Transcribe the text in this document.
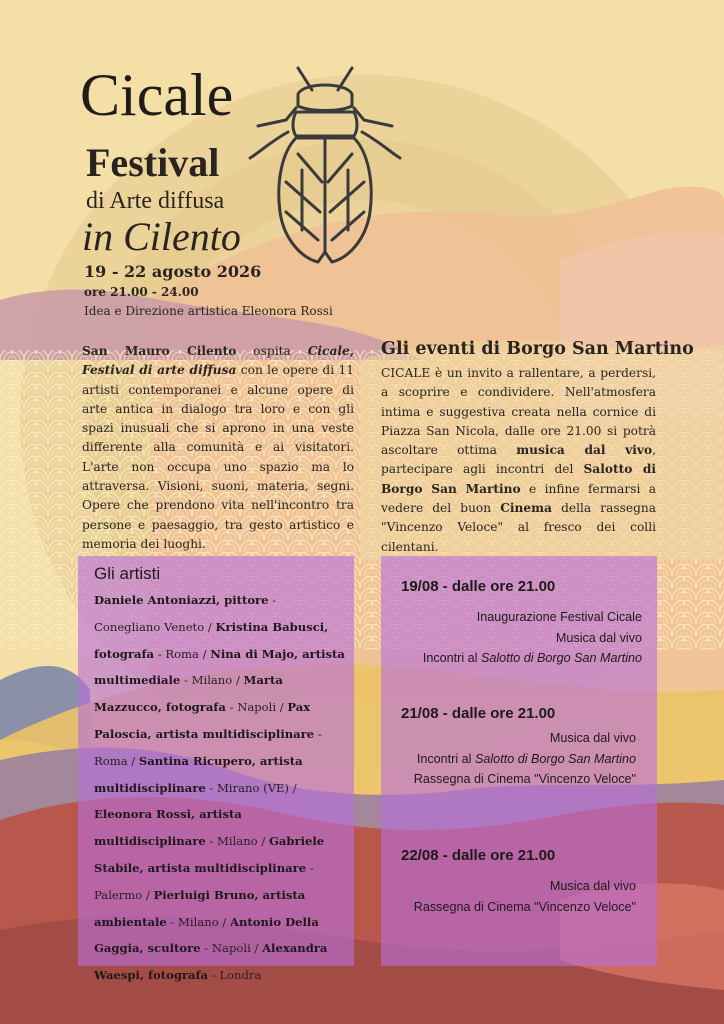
Cicale
Festival
di Arte diffusa
in Cilento
19 - 22 agosto 2026
ore 21.00 - 24.00
Idea e Direzione artistica Eleonora Rossi
San Mauro Cilento ospita Cicale, Festival di arte diffusa con le opere di 11 artisti contemporanei e alcune opere di arte antica in dialogo tra loro e con gli spazi inusuali che si aprono in una veste differente alla comunità e ai visitatori. L'arte non occupa uno spazio ma lo attraversa. Visioni, suoni, materia, segni. Opere che prendono vita nell'incontro tra persone e paesaggio, tra gesto artistico e memoria dei luoghi.
Gli eventi di Borgo San Martino
CICALE è un invito a rallentare, a perdersi, a scoprire e condividere. Nell'atmosfera intima e suggestiva creata nella cornice di Piazza San Nicola, dalle ore 21.00 si potrà ascoltare ottima musica dal vivo, partecipare agli incontri del Salotto di Borgo San Martino e infine fermarsi a vedere del buon Cinema della rassegna "Vincenzo Veloce" al fresco dei colli cilentani.
Gli artisti
Daniele Antoniazzi, pittore - Conegliano Veneto / Kristina Babusci, fotografa - Roma / Nina di Majo, artista multimediale - Milano / Marta Mazzucco, fotografa - Napoli / Pax Paloscia, artista multidisciplinare - Roma / Santina Ricupero, artista multidisciplinare - Mirano (VE) / Eleonora Rossi, artista multidisciplinare - Milano / Gabriele Stabile, artista multidisciplinare - Palermo / Pierluigi Bruno, artista ambientale - Milano / Antonio Della Gaggia, scultore - Napoli / Alexandra Waespi, fotografa - Londra
19/08 - dalle ore 21.00
Inaugurazione Festival Cicale
Musica dal vivo
Incontri al Salotto di Borgo San Martino
21/08 - dalle ore 21.00
Musica dal vivo
Incontri al Salotto di Borgo San Martino
Rassegna di Cinema "Vincenzo Veloce"
22/08 - dalle ore 21.00
Musica dal vivo
Rassegna di Cinema "Vincenzo Veloce"
